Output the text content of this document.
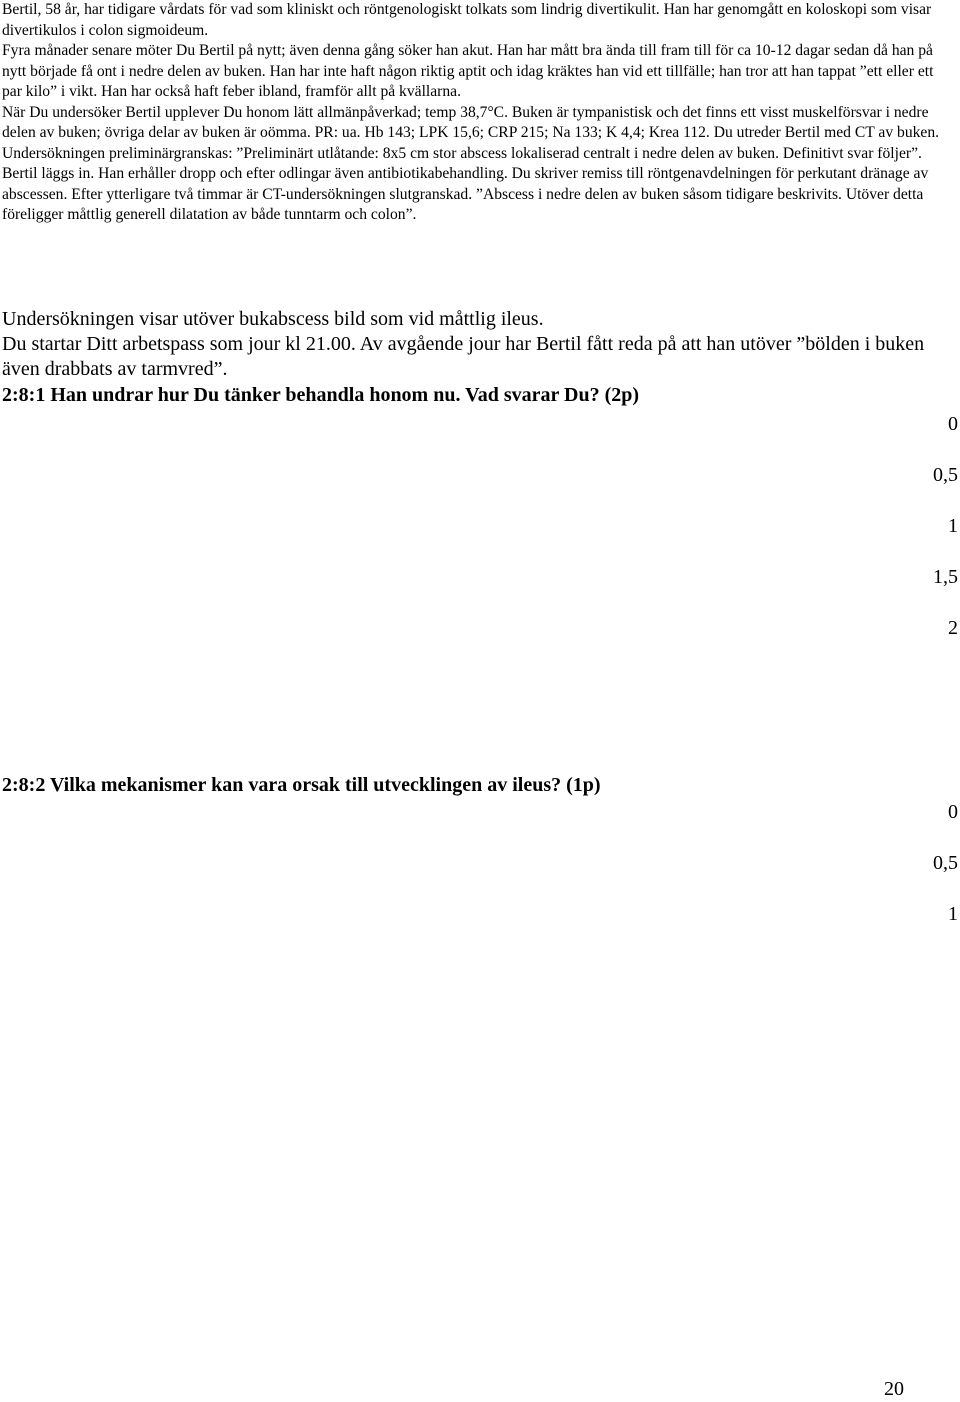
Bertil, 58 år, har tidigare vårdats för vad som kliniskt och röntgenologiskt tolkats som lindrig divertikulit. Han har genomgått en koloskopi som visar divertikulos i colon sigmoideum.

Fyra månader senare möter Du Bertil på nytt; även denna gång söker han akut. Han har mått bra ända till fram till för ca 10-12 dagar sedan då han på nytt började få ont i nedre delen av buken. Han har inte haft någon riktig aptit och idag kräktes han vid ett tillfälle; han tror att han tappat ”ett eller ett par kilo” i vikt. Han har också haft feber ibland, framför allt på kvällarna.

När Du undersöker Bertil upplever Du honom lätt allmänpåverkad; temp 38,7°C. Buken är tympanistisk och det finns ett visst muskelförsvar i nedre delen av buken; övriga delar av buken är oömma. PR: ua. Hb 143; LPK 15,6; CRP 215; Na 133; K 4,4; Krea 112. Du utreder Bertil med CT av buken.

Undersökningen preliminärgranskas: ”Preliminärt utlåtande: 8x5 cm stor abscess lokaliserad centralt i nedre delen av buken. Definitivt svar följer”.

Bertil läggs in. Han erhåller dropp och efter odlingar även antibiotikabehandling. Du skriver remiss till röntgenavdelningen för perkutant dränage av abscessen. Efter ytterligare två timmar är CT-undersökningen slutgranskad. ”Abscess i nedre delen av buken såsom tidigare beskrivits. Utöver detta föreligger måttlig generell dilatation av både tunntarm och colon”.

Undersökningen visar utöver bukabscess bild som vid måttlig ileus.

Du startar Ditt arbetspass som jour kl 21.00. Av avgående jour har Bertil fått reda på att han utöver ”bölden i buken även drabbats av tarmvred”.

2:8:1 Han undrar hur Du tänker behandla honom nu. Vad svarar Du? (2p)

0
0,5
1
1,5
2

2:8:2 Vilka mekanismer kan vara orsak till utvecklingen av ileus? (1p)

0
0,5
1
20
